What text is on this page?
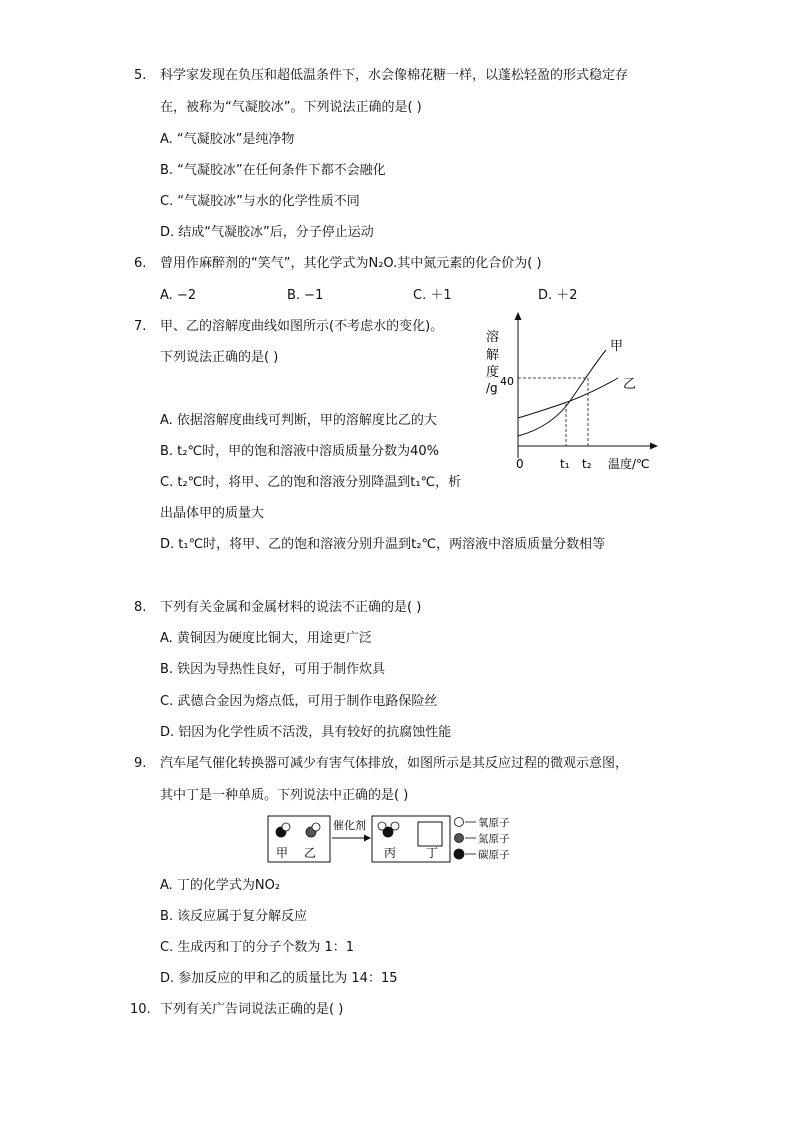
5. 科学家发现在负压和超低温条件下，水会像棉花糖一样，以蓬松轻盈的形式稳定存
在，被称为“气凝胶冰”。下列说法正确的是( )
A. “气凝胶冰”是纯净物
B. “气凝胶冰”在任何条件下都不会融化
C. “气凝胶冰”与水的化学性质不同
D. 结成“气凝胶冰”后，分子停止运动
6. 曾用作麻醉剂的“笑气”，其化学式为N₂O.其中氮元素的化合价为( )
A. −2	B. −1	C. ＋1	D. ＋2
7. 甲、乙的溶解度曲线如图所示(不考虑水的变化)。
下列说法正确的是( )
A. 依据溶解度曲线可判断，甲的溶解度比乙的大
B. t₂℃时，甲的饱和溶液中溶质质量分数为40%
C. t₂℃时，将甲、乙的饱和溶液分别降温到t₁℃，析
出晶体甲的质量大
D. t₁℃时，将甲、乙的饱和溶液分别升温到t₂℃，两溶液中溶质质量分数相等
溶
解
度
/g 40
0	t₁ t₂ 温度/℃
甲
乙
8. 下列有关金属和金属材料的说法不正确的是( )
A. 黄铜因为硬度比铜大，用途更广泛
B. 铁因为导热性良好，可用于制作炊具
C. 武德合金因为熔点低，可用于制作电路保险丝
D. 铝因为化学性质不活泼，具有较好的抗腐蚀性能
9. 汽车尾气催化转换器可减少有害气体排放，如图所示是其反应过程的微观示意图，
其中丁是一种单质。下列说法中正确的是( )
甲 乙
催化剂
丙 丁
氧原子
氮原子
碳原子
A. 丁的化学式为NO₂
B. 该反应属于复分解反应
C. 生成丙和丁的分子个数为 1：1
D. 参加反应的甲和乙的质量比为 14：15
10. 下列有关广告词说法正确的是( )
